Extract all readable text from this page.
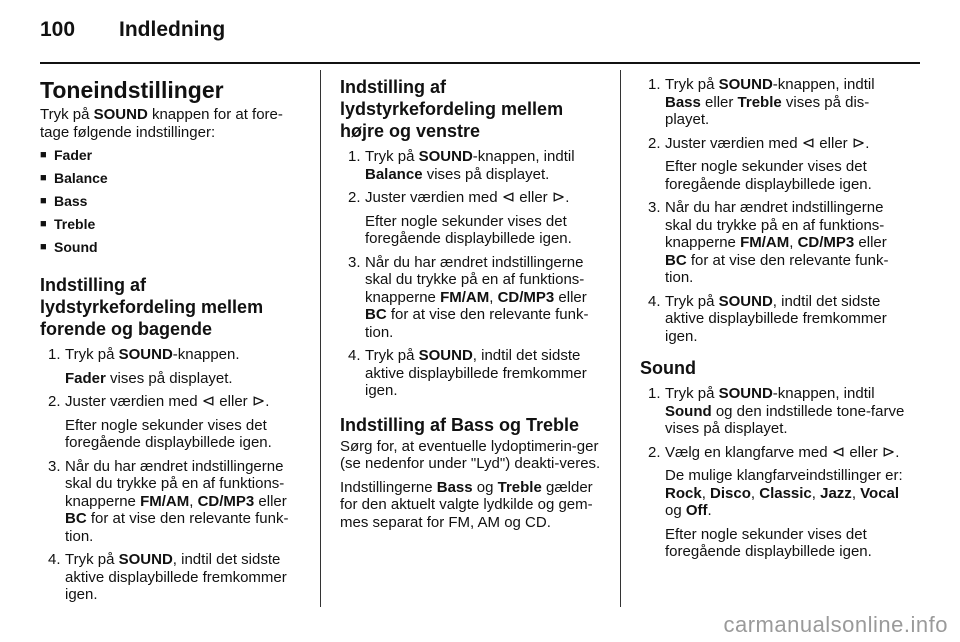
100 Indledning
Toneindstillinger
Tryk på SOUND knappen for at fore-tage følgende indstillinger:
■ Fader
■ Balance
■ Bass
■ Treble
■ Sound
Indstilling af lydstyrkefordeling mellem forende og bagende
1. Tryk på SOUND-knappen.
Fader vises på displayet.
2. Juster værdien med ⊲ eller ⊳.
Efter nogle sekunder vises det foregående displaybillede igen.
3. Når du har ændret indstillingerne skal du trykke på en af funktions-knapperne FM/AM, CD/MP3 eller BC for at vise den relevante funk-tion.
4. Tryk på SOUND, indtil det sidste aktive displaybillede fremkommer igen.
Indstilling af lydstyrkefordeling mellem højre og venstre
1. Tryk på SOUND-knappen, indtil Balance vises på displayet.
2. Juster værdien med ⊲ eller ⊳.
Efter nogle sekunder vises det foregående displaybillede igen.
3. Når du har ændret indstillingerne skal du trykke på en af funktions-knapperne FM/AM, CD/MP3 eller BC for at vise den relevante funk-tion.
4. Tryk på SOUND, indtil det sidste aktive displaybillede fremkommer igen.
Indstilling af Bass og Treble
Sørg for, at eventuelle lydoptimerin-ger (se nedenfor under "Lyd") deakti-veres.
Indstillingerne Bass og Treble gælder for den aktuelt valgte lydkilde og gem-mes separat for FM, AM og CD.
1. Tryk på SOUND-knappen, indtil Bass eller Treble vises på dis-playet.
2. Juster værdien med ⊲ eller ⊳.
Efter nogle sekunder vises det foregående displaybillede igen.
3. Når du har ændret indstillingerne skal du trykke på en af funktions-knapperne FM/AM, CD/MP3 eller BC for at vise den relevante funk-tion.
4. Tryk på SOUND, indtil det sidste aktive displaybillede fremkommer igen.
Sound
1. Tryk på SOUND-knappen, indtil Sound og den indstillede tone-farve vises på displayet.
2. Vælg en klangfarve med ⊲ eller ⊳.
De mulige klangfarveindstillinger er: Rock, Disco, Classic, Jazz, Vocal og Off.
Efter nogle sekunder vises det foregående displaybillede igen.
carmanualsonline.info
